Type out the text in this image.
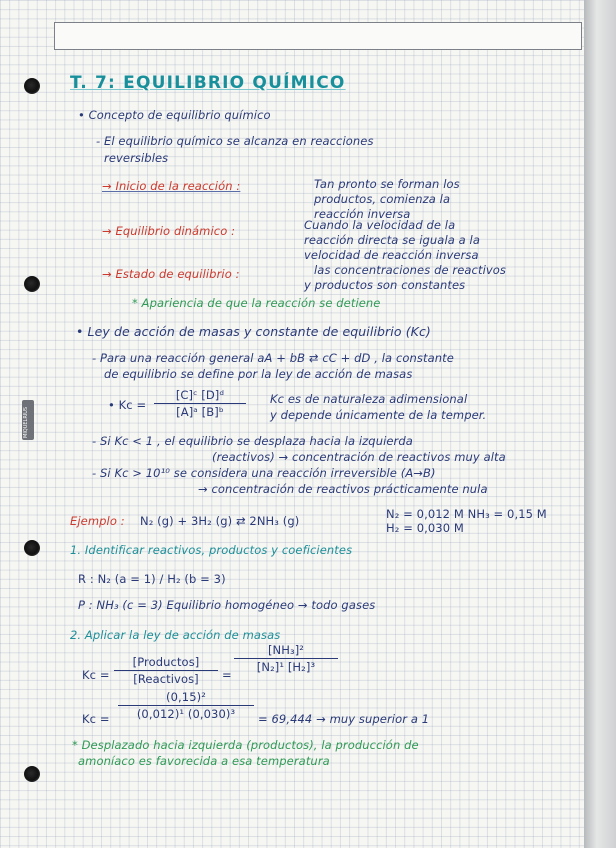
MIQUELRIUS
T. 7: EQUILIBRIO QUÍMICO
• Concepto de equilibrio químico
- El equilibrio químico se alcanza en reacciones
reversibles
→ Inicio de la reacción :	Tan pronto se forman los
productos, comienza la
reacción inversa
→ Equilibrio dinámico :	Cuando la velocidad de la
reacción directa se iguala a la
velocidad de reacción inversa
→ Estado de equilibrio :	las concentraciones de reactivos
y productos son constantes
* Apariencia de que la reacción se detiene
• Ley de acción de masas y constante de equilibrio (Kc)
- Para una reacción general aA + bB ⇄ cC + dD , la constante
de equilibrio se define por la ley de acción de masas
• Kc =
[C]ᶜ [D]ᵈ
[A]ᵃ [B]ᵇ
Kc es de naturaleza adimensional
y depende únicamente de la temper.
- Si Kc < 1 , el equilibrio se desplaza hacia la izquierda
(reactivos) → concentración de reactivos muy alta
- Si Kc > 10¹⁰ se considera una reacción irreversible (A→B)
→ concentración de reactivos prácticamente nula
Ejemplo : N₂ (g) + 3H₂ (g) ⇄ 2NH₃ (g)	N₂ = 0,012 M NH₃ = 0,15 M
H₂ = 0,030 M
1. Identificar reactivos, productos y coeficientes
R : N₂ (a = 1) / H₂ (b = 3)
P : NH₃ (c = 3) Equilibrio homogéneo → todo gases
2. Aplicar la ley de acción de masas
Kc =
[Productos]
[Reactivos]	=
[NH₃]²
[N₂]¹ [H₂]³
Kc =
(0,15)²
(0,012)¹ (0,030)³	= 69,444 → muy superior a 1
* Desplazado hacia izquierda (productos), la producción de
amoníaco es favorecida a esa temperatura
